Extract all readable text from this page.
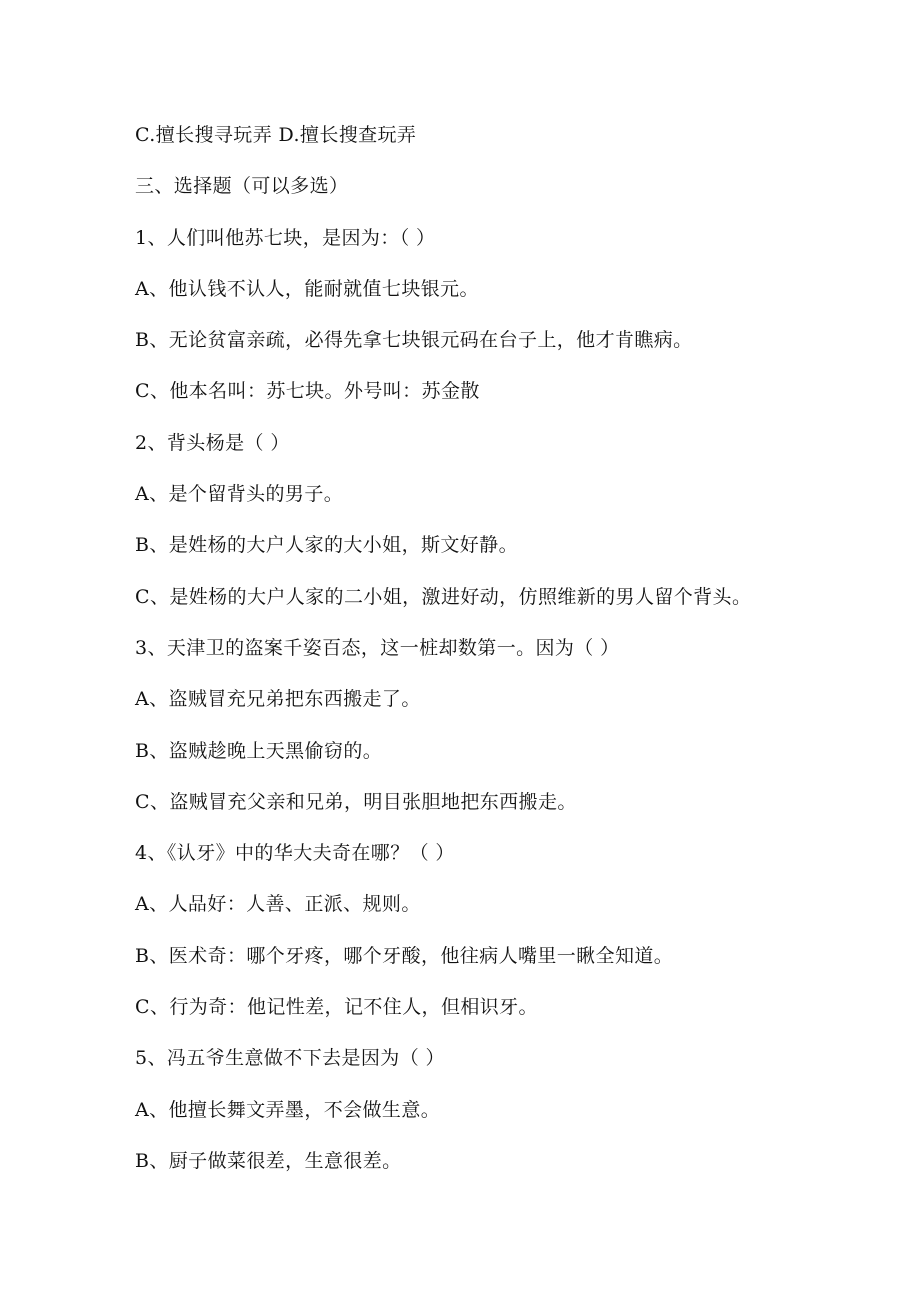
C.擅长搜寻玩弄 D.擅长搜查玩弄
三、选择题（可以多选）
1、人们叫他苏七块，是因为：（ ）
A、他认钱不认人，能耐就值七块银元。
B、无论贫富亲疏，必得先拿七块银元码在台子上，他才肯瞧病。
C、他本名叫：苏七块。外号叫：苏金散
2、背头杨是（ ）
A、是个留背头的男子。
B、是姓杨的大户人家的大小姐，斯文好静。
C、是姓杨的大户人家的二小姐，激进好动，仿照维新的男人留个背头。
3、天津卫的盗案千姿百态，这一桩却数第一。因为（ ）
A、盗贼冒充兄弟把东西搬走了。
B、盗贼趁晚上天黑偷窃的。
C、盗贼冒充父亲和兄弟，明目张胆地把东西搬走。
4、《认牙》中的华大夫奇在哪？（ ）
A、人品好：人善、正派、规则。
B、医术奇：哪个牙疼，哪个牙酸，他往病人嘴里一瞅全知道。
C、行为奇：他记性差，记不住人，但相识牙。
5、冯五爷生意做不下去是因为（ ）
A、他擅长舞文弄墨，不会做生意。
B、厨子做菜很差，生意很差。
